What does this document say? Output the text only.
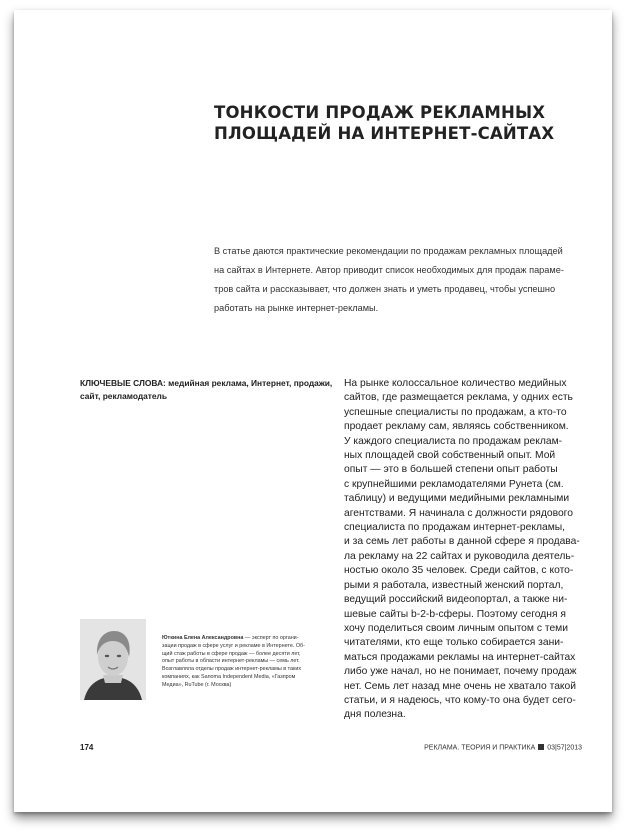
ТОНКОСТИ ПРОДАЖ РЕКЛАМНЫХ
ПЛОЩАДЕЙ НА ИНТЕРНЕТ-САЙТАХ
В статье даются практические рекомендации по продажам рекламных площадей
на сайтах в Интернете. Автор приводит список необходимых для продаж параме-
тров сайта и рассказывает, что должен знать и уметь продавец, чтобы успешно
работать на рынке интернет-рекламы.
КЛЮЧЕВЫЕ СЛОВА: медийная реклама, Интернет, продажи,
сайт, рекламодатель
На рынке колоссальное количество медийных
сайтов, где размещается реклама, у одних есть
успешные специалисты по продажам, а кто-то
продает рекламу сам, являясь собственником.
У каждого специалиста по продажам реклам-
ных площадей свой собственный опыт. Мой
опыт — это в большей степени опыт работы
с крупнейшими рекламодателями Рунета (см.
таблицу) и ведущими медийными рекламными
агентствами. Я начинала с должности рядового
специалиста по продажам интернет-рекламы,
и за семь лет работы в данной сфере я продава-
ла рекламу на 22 сайтах и руководила деятель-
ностью около 35 человек. Среди сайтов, с кото-
рыми я работала, известный женский портал,
ведущий российский видеопортал, а также ни-
шевые сайты b-2-b-сферы. Поэтому сегодня я
хочу поделиться своим личным опытом с теми
читателями, кто еще только собирается зани-
маться продажами рекламы на интернет-сайтах
либо уже начал, но не понимает, почему продаж
нет. Семь лет назад мне очень не хватало такой
статьи, и я надеюсь, что кому-то она будет сего-
дня полезна.
Юткина Елена Александровна — эксперт по органи-
зации продаж в сфере услуг и рекламе в Интернете. Об-
щий стаж работы в сфере продаж — более десяти лет,
опыт работы в области интернет-рекламы — семь лет.
Возглавляла отделы продаж интернет-рекламы в таких
компаниях, как Sanoma Independent Media, «Газпром
Медиа», RuTube (г. Москва)
174	РЕКЛАМА. ТЕОРИЯ И ПРАКТИКА 03|57|2013
